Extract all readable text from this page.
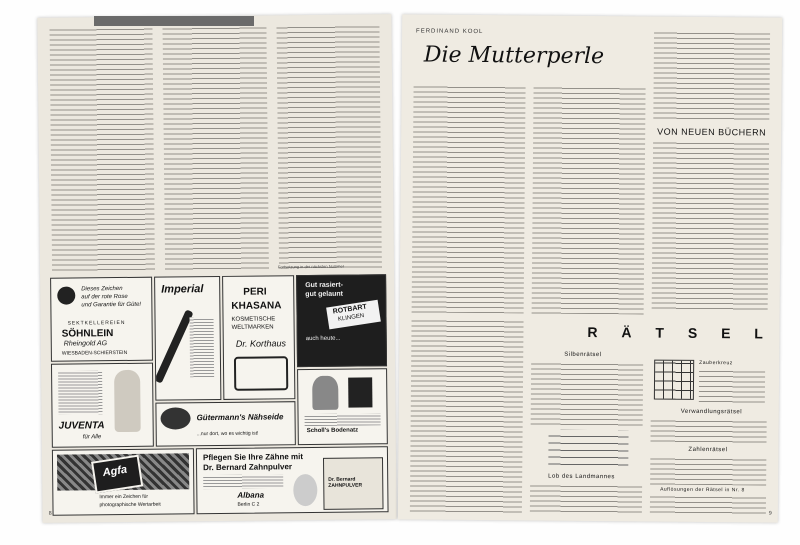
Fortsetzung in der nächsten Nummer
Dieses Zeichen
auf der rote Rose
und Garantie für Güte!
SEKTKELLEREIEN
SÖHNLEIN
Rheingold AG
WIESBADEN-SCHIERSTEIN
Imperial	PERI
KHASANA
KOSMETISCHE
WELTMARKEN
Dr. Korthaus
Gut rasiert-
gut gelaunt
ROTBART
KLINGEN
auch heute...
JUVENTA
für Alle
Gütermann's Nähseide
...nur dort, wo es wichtig ist!	Scholl's Bodenatz
Agfa
Immer ein Zeichen für
photographische Wertarbeit
Pflegen Sie Ihre Zähne mit
Dr. Bernard Zahnpulver
Albana
Berlin C 2
Dr. Bernard ZAHNPULVER
8
FERDINAND KOOL
Die Mutterperle
VON NEUEN BÜCHERN
R Ä T S E L
Silbenrätsel
Lob des Landmannes
Zauberkreuz
Verwandlungsrätsel
Zahlenrätsel
Auflösungen der Rätsel in Nr. 8
9
